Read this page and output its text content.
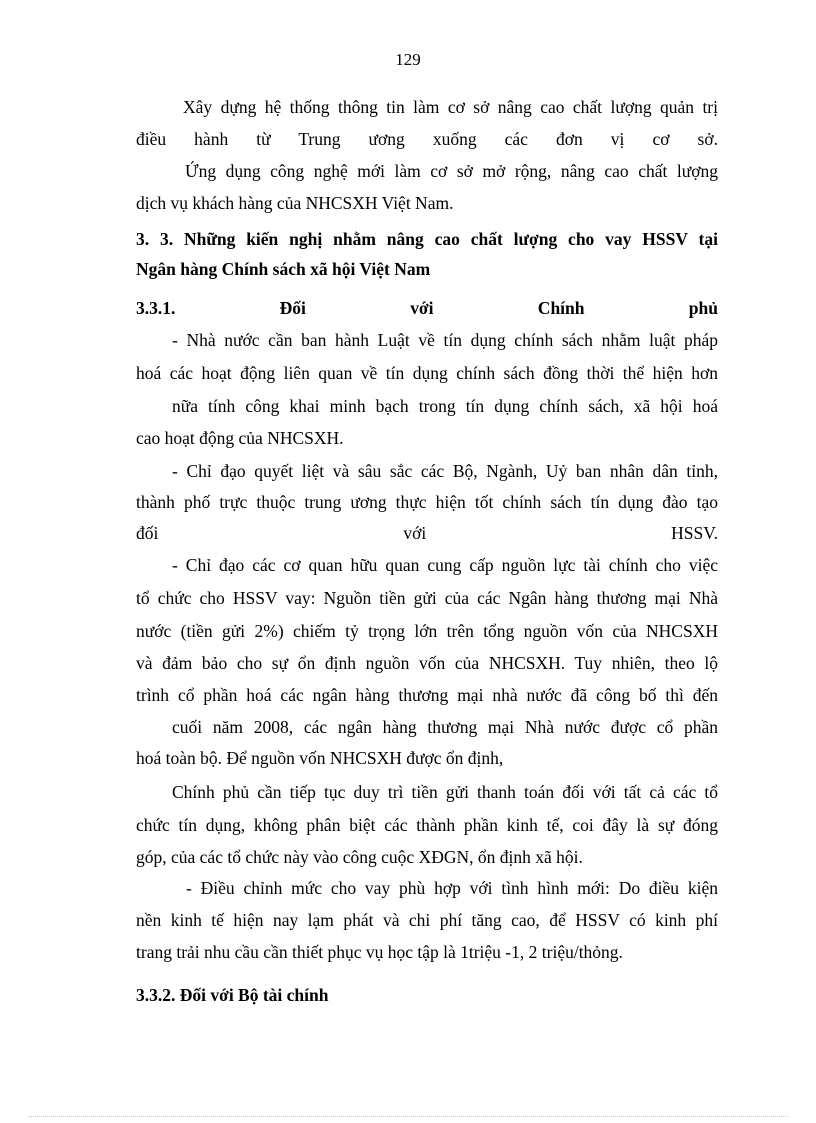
129
Xây dựng hệ thống thông tin làm cơ sở nâng cao chất lượng quản trị
điều hành từ Trung ương xuống các đơn vị cơ sở.
Ứng dụng công nghệ mới làm cơ sở mở rộng, nâng cao chất lượng
dịch vụ khách hàng của NHCSXH Việt Nam.
3. 3. Những kiến nghị nhằm nâng cao chất lượng cho vay HSSV tại
Ngân hàng Chính sách xã hội Việt Nam
3.3.1. Đối với Chính phủ
- Nhà nước cần ban hành Luật về tín dụng chính sách nhằm luật pháp
hoá các hoạt động liên quan về tín dụng chính sách đồng thời thể hiện hơn
nữa tính công khai minh bạch trong tín dụng chính sách, xã hội hoá
cao hoạt động của NHCSXH.
- Chỉ đạo quyết liệt và sâu sắc các Bộ, Ngành, Uỷ ban nhân dân tỉnh,
thành phố trực thuộc trung ương thực hiện tốt chính sách tín dụng đào tạo
đối với HSSV.
- Chỉ đạo các cơ quan hữu quan cung cấp nguồn lực tài chính cho việc
tổ chức cho HSSV vay: Nguồn tiền gửi của các Ngân hàng thương mại Nhà
nước (tiền gửi 2%) chiếm tỷ trọng lớn trên tổng nguồn vốn của NHCSXH
và đảm bảo cho sự ổn định nguồn vốn của NHCSXH. Tuy nhiên, theo lộ
trình cổ phần hoá các ngân hàng thương mại nhà nước đã công bố thì đến
cuối năm 2008, các ngân hàng thương mại Nhà nước được cổ phần
hoá toàn bộ. Để nguồn vốn NHCSXH được ổn định,
Chính phủ cần tiếp tục duy trì tiền gửi thanh toán đối với tất cả các tổ
chức tín dụng, không phân biệt các thành phần kinh tế, coi đây là sự đóng
góp, của các tổ chức này vào công cuộc XĐGN, ổn định xã hội.
- Điều chỉnh mức cho vay phù hợp với tình hình mới: Do điều kiện
nền kinh tế hiện nay lạm phát và chi phí tăng cao, để HSSV có kinh phí
trang trải nhu cầu cần thiết phục vụ học tập là 1triệu -1, 2 triệu/thỏng.
3.3.2. Đối với Bộ tài chính
